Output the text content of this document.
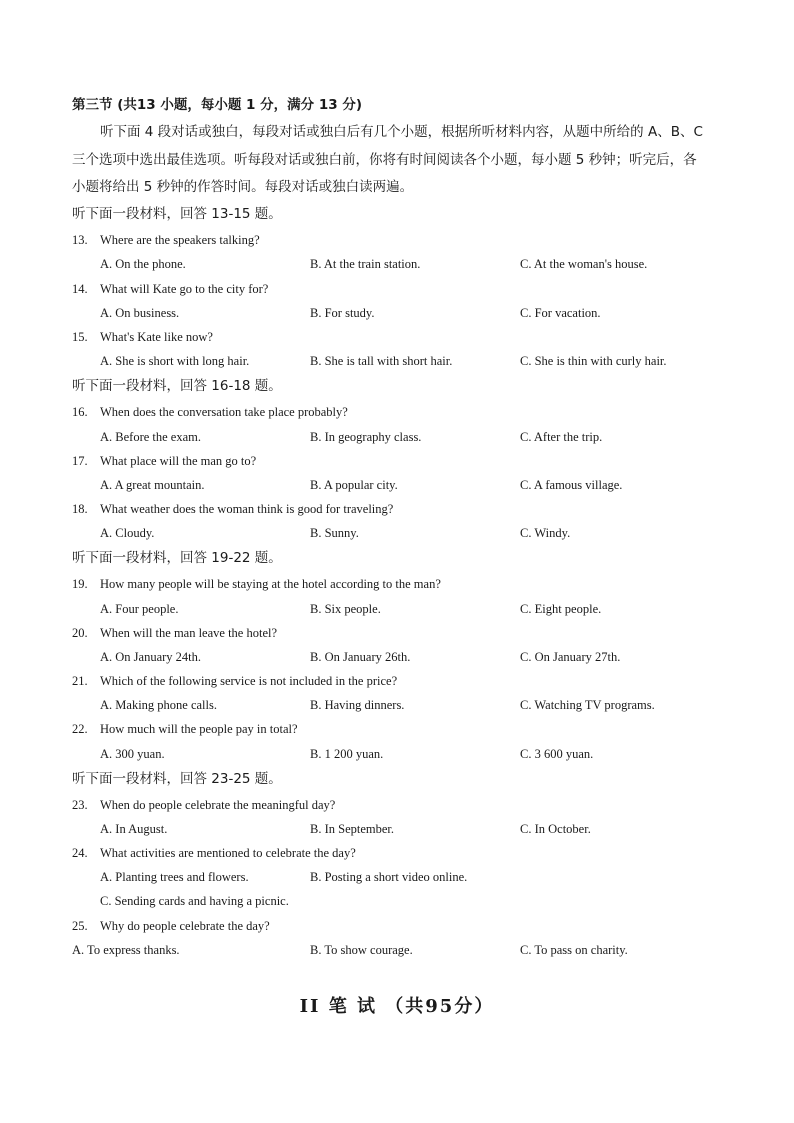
第三节 (共13 小题，每小题 1 分，满分 13 分)
听下面 4 段对话或独白，每段对话或独白后有几个小题，根据所听材料内容，从题中所给的 A、B、C
三个选项中选出最佳选项。听每段对话或独白前，你将有时间阅读各个小题，每小题 5 秒钟；听完后，各
小题将给出 5 秒钟的作答时间。每段对话或独白读两遍。
听下面一段材料，回答 13-15 题。
13. Where are the speakers talking?
A. On the phone.	B. At the train station.	C. At the woman's house.
14. What will Kate go to the city for?
A. On business.	B. For study.	C. For vacation.
15. What's Kate like now?
A. She is short with long hair.	B. She is tall with short hair.	C. She is thin with curly hair.
听下面一段材料，回答 16-18 题。
16. When does the conversation take place probably?
A. Before the exam.	B. In geography class.	C. After the trip.
17. What place will the man go to?
A. A great mountain.	B. A popular city.	C. A famous village.
18. What weather does the woman think is good for traveling?
A. Cloudy.	B. Sunny.	C. Windy.
听下面一段材料，回答 19-22 题。
19. How many people will be staying at the hotel according to the man?
A. Four people.	B. Six people.	C. Eight people.
20. When will the man leave the hotel?
A. On January 24th.	B. On January 26th.	C. On January 27th.
21. Which of the following service is not included in the price?
A. Making phone calls.	B. Having dinners.	C. Watching TV programs.
22. How much will the people pay in total?
A. 300 yuan.	B. 1 200 yuan.	C. 3 600 yuan.
听下面一段材料，回答 23-25 题。
23. When do people celebrate the meaningful day?
A. In August.	B. In September.	C. In October.
24. What activities are mentioned to celebrate the day?
A. Planting trees and flowers.	B. Posting a short video online.
C. Sending cards and having a picnic.
25. Why do people celebrate the day?
A. To express thanks.	B. To show courage.	C. To pass on charity.
II 笔 试 （共95分）
